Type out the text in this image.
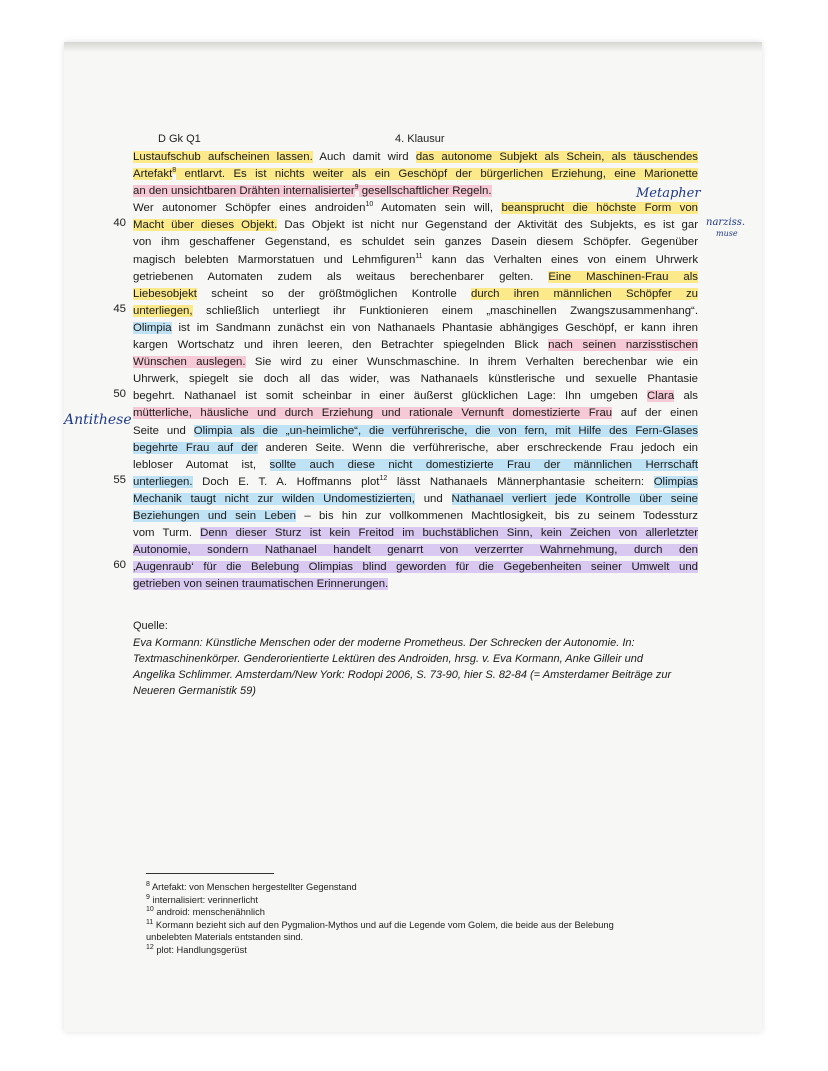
D Gk Q1	4. Klausur
Lustaufschub aufscheinen lassen. Auch damit wird das autonome Subjekt als Schein, als täuschendes
Artefakt$^8$ entlarvt. Es ist nichts weiter als ein Geschöpf der bürgerlichen Erziehung, eine Marionette
an den unsichtbaren Drähten internalisierter$^9$ gesellschaftlicher Regeln.
Wer autonomer Schöpfer eines androiden$^{10}$ Automaten sein will, beansprucht die höchste Form von
Macht über dieses Objekt. Das Objekt ist nicht nur Gegenstand der Aktivität des Subjekts, es ist gar
von ihm geschaffener Gegenstand, es schuldet sein ganzes Dasein diesem Schöpfer. Gegenüber
magisch belebten Marmorstatuen und Lehmfiguren$^{11}$ kann das Verhalten eines von einem Uhrwerk
getriebenen Automaten zudem als weitaus berechenbarer gelten. Eine Maschinen-Frau als
Liebesobjekt scheint so der größtmöglichen Kontrolle durch ihren männlichen Schöpfer zu
unterliegen, schließlich unterliegt ihr Funktionieren einem „maschinellen Zwangszusammenhang“.
Olimpia ist im Sandmann zunächst ein von Nathanaels Phantasie abhängiges Geschöpf, er kann ihren
kargen Wortschatz und ihren leeren, den Betrachter spiegelnden Blick nach seinen narzisstischen
Wünschen auslegen. Sie wird zu einer Wunschmaschine. In ihrem Verhalten berechenbar wie ein
Uhrwerk, spiegelt sie doch all das wider, was Nathanaels künstlerische und sexuelle Phantasie
begehrt. Nathanael ist somit scheinbar in einer äußerst glücklichen Lage: Ihn umgeben Clara als
mütterliche, häusliche und durch Erziehung und rationale Vernunft domestizierte Frau auf der einen
Seite und Olimpia als die „un-heimliche“, die verführerische, die von fern, mit Hilfe des Fern-Glases
begehrte Frau auf der anderen Seite. Wenn die verführerische, aber erschreckende Frau jedoch ein
lebloser Automat ist, sollte auch diese nicht domestizierte Frau der männlichen Herrschaft
unterliegen. Doch E. T. A. Hoffmanns plot$^{12}$ lässt Nathanaels Männerphantasie scheitern: Olimpias
Mechanik taugt nicht zur wilden Undomestizierten, und Nathanael verliert jede Kontrolle über seine
Beziehungen und sein Leben – bis hin zur vollkommenen Machtlosigkeit, bis zu seinem Todessturz
vom Turm. Denn dieser Sturz ist kein Freitod im buchstäblichen Sinn, kein Zeichen von allerletzter
Autonomie, sondern Nathanael handelt genarrt von verzerrter Wahrnehmung, durch den
‚Augenraub‘ für die Belebung Olimpias blind geworden für die Gegebenheiten seiner Umwelt und
getrieben von seinen traumatischen Erinnerungen.
40
45
50
55
60
Metapher
narziss.
muse
Antithese
Quelle:
Eva Kormann: Künstliche Menschen oder der moderne Prometheus. Der Schrecken der Autonomie. In:
Textmaschinenkörper. Genderorientierte Lektüren des Androiden, hrsg. v. Eva Kormann, Anke Gilleir und
Angelika Schlimmer. Amsterdam/New York: Rodopi 2006, S. 73-90, hier S. 82-84 (= Amsterdamer Beiträge zur
Neueren Germanistik 59)
$^8$ Artefakt: von Menschen hergestellter Gegenstand
$^9$ internalisiert: verinnerlicht
$^{10}$ android: menschenähnlich
$^{11}$ Kormann bezieht sich auf den Pygmalion-Mythos und auf die Legende vom Golem, die beide aus der Belebung
unbelebten Materials entstanden sind.
$^{12}$ plot: Handlungsgerüst
